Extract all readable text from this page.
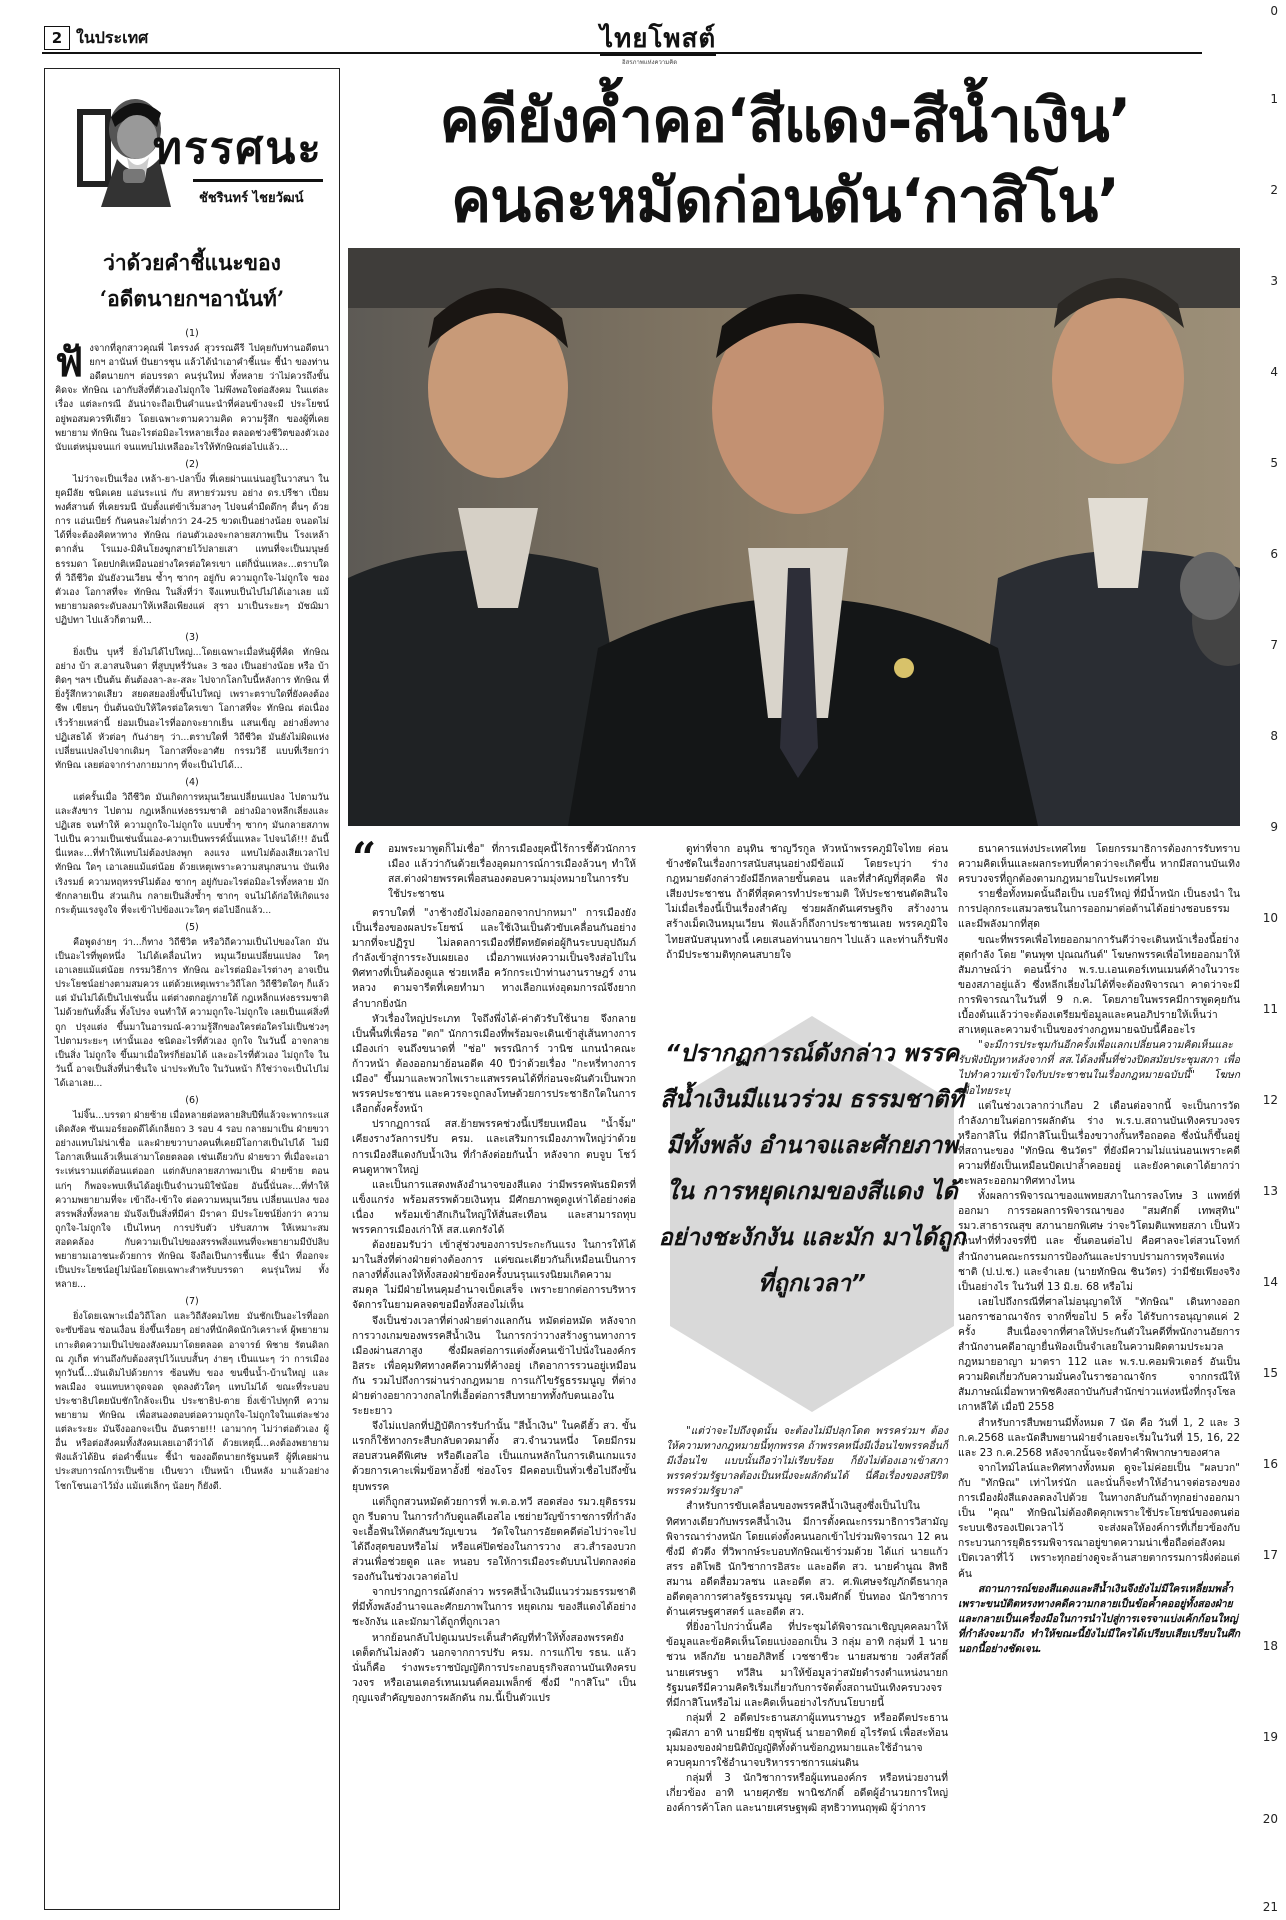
2 ในประเทศ	ไทยโพสต์
อิสรภาพแห่งความคิด
ทรรศนะ
ชัชรินทร์ ไชยวัฒน์
ว่าด้วยคำชี้แนะของ
‘อดีตนายกฯอานันท์’
(1)

ฟังจากที่ลูกสาวคุณพี่ ไตรรงค์ สุวรรณคีรี ไปคุยกับท่านอดีตนายกฯ อานันท์ ปันยารชุน แล้วได้นำเอาคำชี้แนะ ชี้นำ ของท่านอดีตนายกฯ ต่อบรรดา คนรุ่นใหม่ ทั้งหลาย ว่าไม่ควรถึงขั้นคิดจะ ทักษิณ เอากับสิ่งที่ตัวเองไม่ถูกใจ ไม่พึงพอใจต่อสังคม ในแต่ละเรื่อง แต่ละกรณี อันน่าจะถือเป็นคำแนะนำที่ค่อนข้างจะมี ประโยชน์ อยู่พอสมควรทีเดียว โดยเฉพาะตามความคิด ความรู้สึก ของผู้ที่เคยพยายาม ทักษิณ ในอะไรต่อมิอะไรหลายเรื่อง ตลอดช่วงชีวิตของตัวเอง นับแต่หนุ่มจนแก่ จนแทบไม่เหลืออะไรให้ทักษิณต่อไปแล้ว...

(2)

ไม่ว่าจะเป็นเรื่อง เหล้า-ยา-ปลาปิ้ง ที่เคยผ่านแน่นอยู่ในวาสนา ในยุคมีลัย ชนิดเคย แอ่นระแน่ กับ สหายร่วมรบ อย่าง ดร.ปรีชา เปี่ยมพงศ์สานต์ ที่เคยรมนี นับตั้งแต่ข้าเริ่มสางๆ ไปจนค่ำมืดดึกๆ ดื่นๆ ด้วยการ แอ่นเบียร์ กันคนละไม่ต่ำกว่า 24-25 ขวดเป็นอย่างน้อย จนอดไม่ได้ที่จะต้องคิดหาทาง ทักษิณ ก่อนตัวเองจะกลายสภาพเป็น โรงเหล้าตากลั่น โรแมง-มิคินโยงฆูกสายไว้ปลายเสา แทนที่จะเป็นมนุษย์ธรรมดา โดยปกติเหมือนอย่างใครต่อใครเขา แต่ก็นั่นแหละ...ตราบใดที่ วิถีชีวิต มันยังวนเวียน ซ้ำๆ ซากๆ อยู่กับ ความถูกใจ-ไม่ถูกใจ ของตัวเอง โอกาสที่จะ ทักษิณ ในสิ่งที่ว่า จึงแทบเป็นไปไม่ได้เอาเลย แม้พยายามลดระดับลงมาให้เหลือเพียงแค่ สุรา มาเป็นระยะๆ มัชฌิมาปฏิปทา ไปแล้วก็ตามที...

(3)

ยิ่งเป็น บุหรี่ ยิ่งไม่ได้ไปใหญ่...โดยเฉพาะเมื่อหันผู้ที่คิด ทักษิณ อย่าง บ้า ส.อาสนจินดา ที่สูบบุหรี่วันละ 3 ซอง เป็นอย่างน้อย หรือ บ้าติดๆ ฯลฯ เป็นต้น ต้นต้องลา-ละ-สละ ไปจากโลกใบนี้หลังการ ทักษิณ ที่ยิ่งรู้สึกหวาดเสียว สยดสยองยิ่งขึ้นไปใหญ่ เพราะตราบใดที่ยังคงต้องชีพ เขียนๆ ปั่นต้นฉบับให้ใครต่อใครเขา โอกาสที่จะ ทักษิณ ต่อเนื่องเร็วร้ายเหล่านี้ ย่อมเป็นอะไรที่ออกจะยากเย็น แสนเข็ญ อย่างยิ่งทางปฏิเสธได้ หัวต่อๆ กันง่ายๆ ว่า...ตราบใดที่ วิถีชีวิต มันยังไม่ผิดแห่งเปลี่ยนแปลงไปจากเดิมๆ โอกาสที่จะอาศัย กรรมวิธี แบบที่เรียกว่า ทักษิณ เลยต่อจากร่างกายมากๆ ที่จะเป็นไปได้...

(4)

แต่ครั้นเมื่อ วิถีชีวิต มันเกิดการหมุนเวียนเปลี่ยนแปลง ไปตามวันและสังขาร ไปตาม กฎเหล็กแห่งธรรมชาติ อย่างมิอาจหลีกเลี่ยงและปฏิเสธ จนทำให้ ความถูกใจ-ไม่ถูกใจ แบบซ้ำๆ ซากๆ มันกลายสภาพไปเป็น ความเป็นเช่นนั้นเอง-ความเป็นพรรค์นั้นแหละ ไปจนได้!!! อันนี้นี่แหละ...ที่ทำให้แทบไม่ต้องปลงพุก ลงแรง แทบไม่ต้องเสียเวลาไป ทักษิณ ใดๆ เอาเลยแม้แต่น้อย ด้วยเหตุเพราะความสนุกสนาน บันเทิงเริงรมย์ ความหฤหรรษ์ไม่ต้อง ซากๆ อยู่กับอะไรต่อมิอะไรทั้งหลาย มักชักกลายเป็น ส่วนเกิน กลายเป็นสิ่งซ้ำๆ ซากๆ จนไม่ได้ก่อให้เกิดแรงกระตุ้นแรงจูงใจ ที่จะเข้าไปข้องแวะใดๆ ต่อไปอีกแล้ว...

(5)

คือพูดง่ายๆ ว่า...ก็ทาง วิถีชีวิต หรือวิถีความเป็นไปของโลก มันเป็นอะไรที่พูดหนึ่ง ไม่ได้เคลื่อนไหว หมุนเวียนเปลี่ยนแปลง ใดๆ เอาเลยแม้แต่น้อย กรรมวิธีการ ทักษิณ อะไรต่อมิอะไรต่างๆ อาจเป็นประโยชน์อย่างตามสมควร แต่ด้วยเหตุเพราะวิถีโลก วิถีชีวิตใดๆ ก็แล้วแต่ มันไม่ได้เป็นไปเช่นนั้น แต่ต่างตกอยู่ภายใต้ กฎเหล็กแห่งธรรมชาติ ไม่ด้วยกันทั้งสิ้น ทั้งโปรง จนทำให้ ความถูกใจ-ไม่ถูกใจ เลยเป็นแค่สิ่งที่ถูก ปรุงแต่ง ขึ้นมาในอารมณ์-ความรู้สึกของใครต่อใครไม่เป็นช่วงๆ ไปตามระยะๆ เท่านั้นเอง ชนิดอะไรที่ตัวเอง ถูกใจ ในวันนี้ อาจกลายเป็นสิ่ง ไม่ถูกใจ ขึ้นมาเมื่อใหร่ก็ย่อมได้ และอะไรที่ตัวเอง ไม่ถูกใจ ในวันนี้ อาจเป็นสิ่งที่น่าชื่นใจ น่าประทับใจ ในวันหน้า ก็ใช่ว่าจะเป็นไปไม่ได้เอาเลย...

(6)

ไม่จิ๊น...บรรดา ฝ่ายซ้าย เมื่อหลายต่อหลายสิบปีที่แล้วจะพากระแสเดิดสังค ซันเมอร์ยอดดีได้เกล็ยถว 3 รอบ 4 รอบ กลายมาเป็น ฝ่ายขวา อย่างแทบไม่น่าเชื่อ และฝ่ายขวาบางคนที่เคยมีโอกาสเป็นไปได้ ไม่มีโอกาสเห็นแล้วเห็นเล่ามาโดยตลอด เช่นเดียวกับ ฝ่ายขวา ที่เมื่อจะเอาระเห่นรามแต่ต้อนแต่ออก แต่กลับกลายสภาพมาเป็น ฝ่ายซ้าย ตอนแก่ๆ ก็พอจะพบเห็นได้อยู่เป็นจำนวนมิใช่น้อย อันนี้นั่นละ...ที่ทำให้ความพยายามที่จะ เข้าถึง-เข้าใจ ต่อความหมุนเวียน เปลี่ยนแปลง ของสรรพสิ่งทั้งหลาย มันจึงเป็นสิ่งที่มีค่า มีราคา มีประโยชน์ยิ่งกว่า ความถูกใจ-ไม่ถูกใจ เป็นไหนๆ การปรับตัว ปรับสภาพ ให้เหมาะสม สอดคล้อง กับความเป็นไปของสรรพสิ่งแทนที่จะพยายามมีบัปลิบ พยายามเอาชนะด้วยการ ทักษิณ จึงถือเป็นการชี้แนะ ชี้นำ ที่ออกจะเป็นประโยชน์อยู่ไม่น้อยโดยเฉพาะสำหรับบรรดา คนรุ่นใหม่ ทั้งหลาย...

(7)

ยิ่งโดยเฉพาะเมื่อวิถีโลก และวิถีสังคมไทย มันชักเป็นอะไรที่ออกจะซับซ้อน ซ่อนเงื่อน ยิ่งขึ้นเรื่อยๆ อย่างที่นักคิดนักวิเคราะห์ ผู้พยายามเกาะติดความเป็นไปของสังคมมาโดยตลอด อาจารย์ พิชาย รัตนดิลก ณ ภูเก็ต ท่านถึงกับต้องสรุปไว้แบบสั้นๆ ง่ายๆ เป็นแนะๆ ว่า การเมืองทุกวันนี้...มันเดิมไปด้วยการ ซ้อนทับ ของ ขนขื่นน้ำ-บ้านใหญ่ และพลเมือง จนแทบหาจุดจอด จุดลงตัวใดๆ แทบไม่ได้ ขณะที่ระบอบประชาธิปไตยนับชักใกล้จะเป็น ประชาธิป-ตาย ยิ่งเข้าไปทุกที ความพยายาม ทักษิณ เพื่อสนองตอบต่อความถูกใจ-ไม่ถูกใจในแต่ละช่วง แต่ละระยะ มันจึงออกจะเป็น อันตราย!!! เอามากๆ ไม่ว่าต่อตัวเอง ผู้อื่น หรือต่อสังคมทั้งสังคมเลยเอาดีว่าได้ ด้วยเหตุนี้...คงต้องพยายาม ฟังแล้วได้ยิน ต่อคำชี้แนะ ชี้นำ ของอดีตนายกรัฐมนตรี ผู้ที่เคยผ่านประสบการณ์การเป็นซ้าย เป็นขวา เป็นหน้า เป็นหลัง มาแล้วอย่างโชกโชนเอาไว้มั่ง แม้แต่เล็กๆ น้อยๆ ก็ยังดี.

คดียังค้ำคอ‘สีแดง-สีน้ำเงิน’
คนละหมัดก่อนดัน‘กาสิโน’
“ อมพระมาพูดก็ไม่เชื่อ" ที่การเมืองยุคนี้ไร้การชี้ตัวนักการเมือง แล้วว่ากันด้วยเรื่องอุดมการณ์การเมืองล้วนๆ ทำให้ สส.ต่างฝ่ายพรรคเพื่อสนองตอบความมุ่งหมายในการรับใช้ประชาชน

ตราบใดที่ "งาช้างยังไม่งอกออกจากปากหมา" การเมืองยังเป็นเรื่องของผลประโยชน์ และใช้เงินเป็นตัวขับเคลื่อนกันอย่างมากที่จะปฏิรูป ไม่ลดลการเมืองที่ยึดหยัดต่อผู้กินระบบอุปถัมภ์กำลังเข้าสู่การระงับเผยเอง เมื่อภาพแห่งความเป็นจริงส่อไปในทิศทางที่เป็นต้องดูแล ช่วยเหลือ ควักกระเป๋าท่านงานราษฎร์ งานหลวง ตามจารีตที่เคยทำมา ทางเลือกแห่งอุดมการณ์จึงยากลำบากยิ่งนัก

หัวเรื่องใหญ่ประเภท ใจถึงพึ่งได้-ค่าตัวรับใช้นาย จึงกลายเป็นพื้นที่เพื่อรอ "ตก" นักการเมืองที่พร้อมจะเดินเข้าสู่เส้นทางการเมืองเก่า จนถึงขนาดที่ "ช่อ" พรรณิการ์ วานิช แกนนำคณะก้าวหน้า ต้องออกมาย้อนอดีต 40 ปีว่าด้วยเรื่อง "กะหรี่ทางการเมือง" ขึ้นมาและพวกไพเราะแสพรรคนได้ที่ก่อนจะผันตัวเป็นพวกพรรคประชาชน และควรจะถูกลงโทษด้วยการประชาธิกใดในการเลือกตั้งครั้งหน้า

ปรากฏการณ์ สส.ย้ายพรรคช่วงนี้เปรียบเหมือน "น้ำจิ้ม" เคียงรางวัลการปรับ ครม. และเสริมการเมืองภาพใหญ่ว่าด้วยการเมืองสีแดงกับน้ำเงิน ที่กำลังต่อยกันน้ำ หลังจาก ตบจูบ โชว์คนดูหาพาใหญ่

และเป็นการแสดงพลังอำนาจของสีแดง ว่ามีพรรคพันธมิตรที่แข็งแกร่ง พร้อมสรรพด้วยเงินทุน มีศักยภาพดูดงูเห่าได้อย่างต่อเนื่อง พร้อมเข้าสักเกินใหญ่ให้สั่นสะเทือน และสามารถทุบพรรคการเมืองเก่าให้ สส.แตกรังได้

ต้องยอมรับว่า เข้าสู่ช่วงของการประกะกันแรง ในการให้ได้มาในสิ่งที่ต่างฝ่ายต่างต้องการ แต่ขณะเดียวกันก็เหมือนเป็นการกลางที่ตั้งแลงให้ทั้งสองฝ่ายข้องครั้งบนรุนแรงนิยมเกิดความสมดุล ไม่มีฝ่ายไหนคุมอำนาจเบ็ดเสร็จ เพราะยากต่อการบริหารจัดการในยามคลจดขอมือทั้งสองไม่เห็น

จึงเป็นช่วงเวลาที่ต่างฝ่ายต่างแลกกัน หมัดต่อหมัด หลังจากการวางเกมของพรรคสีน้ำเงิน ในการกว่าวางสร้างฐานทางการเมืองผ่านสภาสูง ซึ่งมีผลต่อการแต่งตั้งคนเข้าไปนั่งในองค์กรอิสระ เพื่อคุมทิศทางคดีความที่ค้างอยู่ เกิดอาการรวนอยู่เหมือนกัน รวมไปถึงการผ่านร่างกฎหมาย การแก้ไขรัฐธรรมนูญ ที่ต่างฝ่ายต่างอยากวางกลไกที่เอื้อต่อการสืบทายาททั้งกับตนเองในระยะยาว

จึงไม่แปลกที่ปฏิบัติการรับกำนั้น "สีน้ำเงิน" ในคดีฮั้ว สว. ขั้นแรกก็ใช้ทางกระสืบกลับดวดมาตั้ง สว.จำนวนหนึ่ง โดยมีกรมสอบสวนคดีพิเศษ หรือดีเอสไอ เป็นแกนหลักในการเดินเกมแรง ด้วยการเคาะเพิ่มข้อหาอั้งยี่ ซ่องโจร มีคดอบเป็นทั่วเชื่อไปถึงขั้นยุบพรรค

แต่ก็ถูกสวนหมัดด้วยการที่ พ.ต.อ.ทวี สอดส่อง รมว.ยุติธรรม ถูก รีบดาบ ในการกำกับดูแลดีเอสไอ เชย่ายวัญข้าราชการที่กำลังจะเอื้อฟันให้ตกสันขวัญเขวน วัดใจในการอัยตคดีต่อไปว่าจะไปได้ถึงสุดขอบหรือไม่ หรือแค่ปิดช่องในการวาง สว.สำรองบวกส่วนเพื่อช่วยดูด และ หนอบ รอให้การเมืองระดับบนไปตกลงต่อรองกันในช่วงเวลาต่อไป

จากปรากฏการณ์ดังกล่าว พรรคสีน้ำเงินมีแนวร่วมธรรมชาติที่มีทั้งพลังอำนาจและศักยภาพในการ หยุดเกม ของสีแดงได้อย่างชะงักงัน และมักมาได้ถูกที่ถูกเวลา

หากย้อนกลับไปดูเมนประเด็นสำคัญที่ทำให้ทั้งสองพรรคยังเดต็ดกันไม่ลงตัว นอกจากการปรับ ครม. การแก้ไข รธน. แล้ว นั่นก็คือ ร่างพระราชบัญญัติการประกอบธุรกิจสถานบันเทิงครบวงจร หรือเอนเตอร์เทนเมนต์คอมเพล็กซ์ ซึ่งมี "กาสิโน" เป็นกุญแจสำคัญของการผลักดัน กม.นี้เป็นตัวแปร

ดูท่าที่จาก อนุทิน ชาญวีรกูล หัวหน้าพรรคภูมิใจไทย ค่อนข้างชัดในเรื่องการสนับสนุนอย่างมีข้อแม้ โดยระบุว่า ร่างกฎหมายดังกล่าวยังมีอีกหลายขั้นตอน และที่สำคัญที่สุดคือ ฟังเสียงประชาชน ถ้าดีที่สุดคารทำประชามติ ให้ประชาชนตัดสินใจ ไม่เมื่อเรื่องนี้เป็นเรื่องสำคัญ ช่วยผลักดันเศรษฐกิจ สร้างงาน สร้างเม็ดเงินหมุนเวียน ฟังแล้วก็ถึงกาประชาชนเลย พรรคภูมิใจไทยสนับสนุนทางนี้ เคยเสนอท่านนายกฯ ไปแล้ว และท่านก็รับฟัง ถ้ามีประชามติทุกคนสบายใจ

“ปรากฏการณ์ดังกล่าว พรรคสีน้ำเงินมีแนวร่วม ธรรมชาติที่มีทั้งพลัง อำนาจและศักยภาพใน การหยุดเกมของสีแดง ได้อย่างชะงักงัน และมัก มาได้ถูกที่ถูกเวลา”

"แต่ว่าจะไปถึงจุดนั้น จะต้องไม่มีปลุกโดต พรรคร่วมฯ ต้องให้ความทางกฎหมายนี้ทุกพรรค ถ้าพรรคหนึ่งมีเงื่อนไขพรรคอื่นก็มีเงื่อนไข แบบนั้นถือว่าไม่เรียบร้อย ก็ยังไม่ต้องเอาเข้าสภา พรรคร่วมรัฐบาลต้องเป็นหนึ่งจะผลักดันได้ นี่คือเรื่องของสปิริตพรรคร่วมรัฐบาล"

สำหรับการขับเคลื่อนของพรรคสีน้ำเงินสูงซึ่งเป็นไปในทิศทางเดียวกับพรรคสีน้ำเงิน มีการตั้งคณะกรรมาธิการวิสามัญพิจารณาร่างหนัก โดยแต่งตั้งคนนอกเข้าไปร่วมพิจารณา 12 คน ซึ่งมี ตัวตึง ที่วิพากษ์ระบอบทักษิณเข้าร่วมด้วย ได้แก่ นายแก้วสรร อติโพธิ นักวิชาการอิสระ และอดีต สว. นายคำนูณ สิทธิสมาน อดีตสื่อมวลชน และอดีต สว. ศ.พิเศษจรัญภักดีธนากุล อดีตตุลาการศาลรัฐธรรมนูญ รศ.เจิมศักดิ์ ปิ่นทอง นักวิชาการด้านเศรษฐศาสตร์ และอดีต สว.

ที่ยิ่งอาไปกว่านั้นคือ ที่ประชุมได้พิจารณาเชิญบุคคลมาให้ข้อมูลและข้อคิดเห็นโดยแบ่งออกเป็น 3 กลุ่ม อาทิ กลุ่มที่ 1 นายชวน หลีกภัย นายอภิสิทธิ์ เวชชาชีวะ นายสมชาย วงศ์สวัสดิ์ นายเศรษฐา ทวีสิน มาให้ข้อมูลว่าสมัยดำรงตำแหน่งนายกรัฐมนตรีมีความคิดริเริ่มเกี่ยวกับการจัดตั้งสถานบันเทิงครบวงจรที่มีกาสิโนหรือไม่ และคิดเห็นอย่างไรกับนโยบายนี้

กลุ่มที่ 2 อดีตประธานสภาผู้แทนราษฎร หรืออดีตประธานวุฒิสภา อาทิ นายมีชัย ฤชุพันธุ์ นายอาทิตย์ อุไรรัตน์ เพื่อสะท้อนมุมมองของฝ่ายนิติบัญญัติทั้งด้านข้อกฎหมายและใช้อำนาจควบคุมการใช้อำนาจบริหารราชการแผ่นดิน

กลุ่มที่ 3 นักวิชาการหรือผู้แทนองค์กร หรือหน่วยงานที่เกี่ยวข้อง อาทิ นายศุภชัย พานิชภักดิ์ อดีตผู้อำนวยการใหญ่องค์การค้าโลก และนายเศรษฐพุฒิ สุทธิวาทนฤพุฒิ ผู้ว่าการ

ธนาคารแห่งประเทศไทย โดยกรรมาธิการต้องการรับทราบความคิดเห็นและผลกระทบที่คาดว่าจะเกิดขึ้น หากมีสถานบันเทิงครบวงจรที่ถูกต้องตามกฎหมายในประเทศไทย

รายชื่อทั้งหมดนั้นถือเป็น เบอร์ใหญ่ ที่มีน้ำหนัก เป็นธงนำ ในการปลุกกระแสมวลชนในการออกมาต่อต้านได้อย่างชอบธรรมและมีพลังมากที่สุด

ขณะที่พรรคเพื่อไทยออกมาการันตีว่าจะเดินหน้าเรื่องนี้อย่างสุดกำลัง โดย "ตนพุฑ ปุณณกันต์" โฆษกพรรคเพื่อไทยออกมาให้สัมภาษณ์ว่า ตอนนี้ร่าง พ.ร.บ.เอนเตอร์เทนเมนต์ค้างในวาระของสภาอยู่แล้ว ซึ่งหลีกเลี่ยงไม่ได้ที่จะต้องพิจารณา คาดว่าจะมีการพิจารณาในวันที่ 9 ก.ค. โดยภายในพรรคมีการพูดคุยกันเบื้องต้นแล้วว่าจะต้องเตรียมข้อมูลและคนอภิปรายให้เห็นว่า สาเหตุและความจำเป็นของร่างกฎหมายฉบับนี้คืออะไร

"จะมีการประชุมกันอีกครั้งเพื่อแลกเปลี่ยนความคิดเห็นและรับฟังปัญหาหลังจากที่ สส.ได้ลงพื้นที่ช่วงปิดสมัยประชุมสภา เพื่อไปทำความเข้าใจกับประชาชนในเรื่องกฎหมายฉบับนี้" โฆษกเพื่อไทยระบุ

แต่ในช่วงเวลากว่าเกือบ 2 เดือนต่อจากนี้ จะเป็นการวัดกำลังภายในต่อการผลักดัน ร่าง พ.ร.บ.สถานบันเทิงครบวงจรหรือกาสิโน ที่มีกาสิโนเป็นเรื่องขวางกั้นหรือถอดอ ซึ่งนั่นก็ขึ้นอยู่ที่สถานะของ "ทักษิณ ชินวัตร" ที่ยังมีความไม่แน่นอนเพราะคดีความที่ยังเป็นเหมือนปัดเปาล้ำคอยอยู่ และยังคาดเดาได้ยากว่าจะพลระออกมาทิศทางไหน

ทั้งผลการพิจารณาของแพทยสภาในการลงโทษ 3 แพทย์ที่ออกมา การรอผลการพิจารณาของ "สมศักดิ์ เทพสุทิน" รมว.สาธารณสุข สภานายกพิเศษ ว่าจะวิโตมติแพทยสภา เป็นหัวเลนทำที่ที่วงจรที่ปี และ ขั้นตอนต่อไป คือศาลจะไต่สวนโจทก์ สำนักงานคณะกรรมการป้องกันและปราบปรามการทุจริตแห่งชาติ (ป.ป.ช.) และจำเลย (นายทักษิณ ชินวัตร) ว่ามีชัยเพียงจริงเป็นอย่างไร ในวันที่ 13 มิ.ย. 68 หรือไม่

เลยไปถึงกรณีที่ศาลไม่อนุญาตให้ "ทักษิณ" เดินทางออกนอกราชอาณาจักร จากที่ขอไป 5 ครั้ง ได้รับการอนุญาตแค่ 2 ครั้ง สืบเนื่องจากที่ศาลให้ประกันตัวในคดีที่พนักงานอัยการสำนักงานคดีอาญายื่นฟ้องเป็นจำเลยในความผิดตามประมวลกฎหมายอาญา มาตรา 112 และ พ.ร.บ.คอมพิวเตอร์ อันเป็นความผิดเกี่ยวกับความมั่นคงในราชอาณาจักร จากกรณีให้สัมภาษณ์เมื่อพาหาพิชคิงสถาบันกับสำนักข่าวแห่งหนึ่งที่กรุงโซล เกาหลีใต้ เมื่อปี 2558

สำหรับการสืบพยานมีทั้งหมด 7 นัด คือ วันที่ 1, 2 และ 3 ก.ค.2568 และนัดสืบพยานฝ่ายจำเลยจะเริ่มในวันที่ 15, 16, 22 และ 23 ก.ค.2568 หลังจากนั้นจะจัดทำคำพิพากษาของศาล

จากไทม์ไลน์และทิศทางทั้งหมด ดูจะไม่ค่อยเป็น "ผลบวก" กับ "ทักษิณ" เท่าไหร่นัก และนั่นก็จะทำให้อำนาจต่อรองของการเมืองฝั่งสีแดงลดลงไปด้วย ในทางกลับกันถ้าทุกอย่างออกมาเป็น "คุณ" ทักษิณไม่ต้องติดคุกเพราะใช้ประโยชน์ของตนต่อระบบเชิงรองเปิดเวลาไว้ จะส่งผลให้องค์การที่เกี่ยวข้องกับกระบวนการยุติธรรมพิจารณาอยู่ขาดความน่าเชื่อถือต่อสังคมเปิดเวลาที่ไว้ เพราะทุกอย่างดูจะล้านสายตากรรมการฝั่งต่อแต่ค้น

สถานการณ์ของสีแดงและสีน้ำเงินจึงยังไม่มีใครเหลี่ยมพล้ำ เพราะขนบัติตหรงทางคดีความกลายเป็นข้อค้ำคออยู่ทั้งสองฝ่าย และกลายเป็นเครื่องมือในการนำไปสู่การเจรจาแบ่งเค้กก้อนใหญ่ที่กำลังจะมาถึง ทำให้ขณะนี้ยังไม่มีใครได้เปรียบเสียเปรียบในศึกนอกนี้อย่างชัดเจน.

0
1
2
3
4
5
6
7
8
9
10
11
12
13
14
15
16
17
18
19
20
21
